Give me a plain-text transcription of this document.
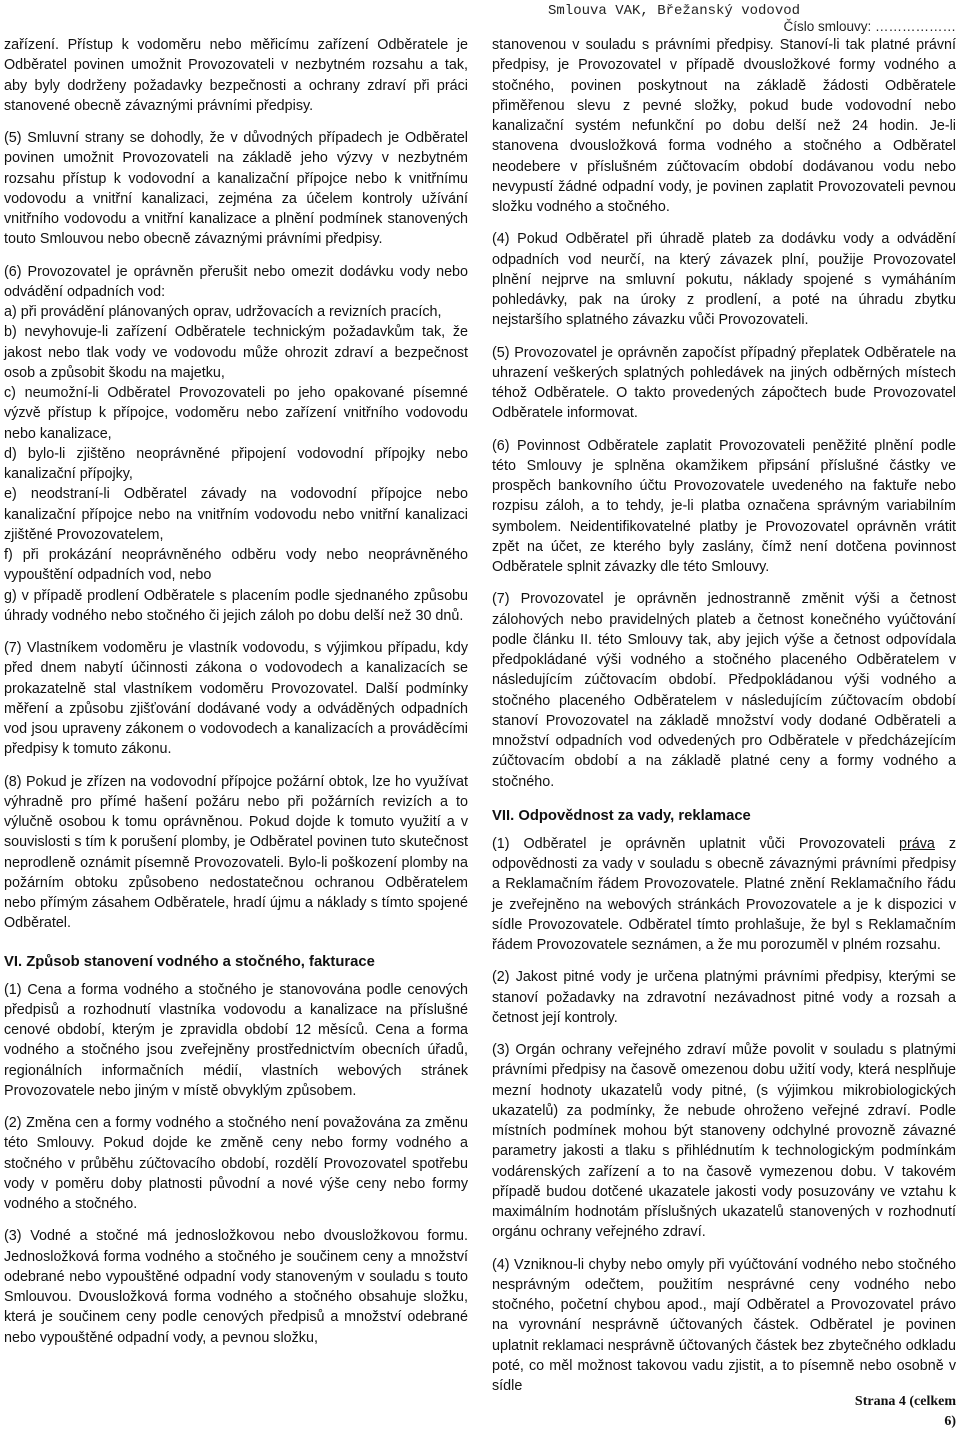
Smlouva VAK, Břežanský vodovod
Číslo smlouvy: ………………

zařízení. Přístup k vodoměru nebo měřicímu zařízení Odběratele je Odběratel povinen umožnit Provozovateli v nezbytném rozsahu a tak, aby byly dodrženy požadavky bezpečnosti a ochrany zdraví při práci stanovené obecně závaznými právními předpisy.

(5) Smluvní strany se dohodly, že v důvodných případech je Odběratel povinen umožnit Provozovateli na základě jeho výzvy v nezbytném rozsahu přístup k vodovodní a kanalizační přípojce nebo k vnitřnímu vodovodu a vnitřní kanalizaci, zejména za účelem kontroly užívání vnitřního vodovodu a vnitřní kanalizace a plnění podmínek stanovených touto Smlouvou nebo obecně závaznými právními předpisy.

(6) Provozovatel je oprávněn přerušit nebo omezit dodávku vody nebo odvádění odpadních vod:

a) při provádění plánovaných oprav, udržovacích a revizních pracích,

b) nevyhovuje-li zařízení Odběratele technickým požadavkům tak, že jakost nebo tlak vody ve vodovodu může ohrozit zdraví a bezpečnost osob a způsobit škodu na majetku,

c) neumožní-li Odběratel Provozovateli po jeho opakované písemné výzvě přístup k přípojce, vodoměru nebo zařízení vnitřního vodovodu nebo kanalizace,

d) bylo-li zjištěno neoprávněné připojení vodovodní přípojky nebo kanalizační přípojky,

e) neodstraní-li Odběratel závady na vodovodní přípojce nebo kanalizační přípojce nebo na vnitřním vodovodu nebo vnitřní kanalizaci zjištěné Provozovatelem,

f) při prokázání neoprávněného odběru vody nebo neoprávněného vypouštění odpadních vod, nebo

g) v případě prodlení Odběratele s placením podle sjednaného způsobu úhrady vodného nebo stočného či jejich záloh po dobu delší než 30 dnů.

(7) Vlastníkem vodoměru je vlastník vodovodu, s výjimkou případu, kdy před dnem nabytí účinnosti zákona o vodovodech a kanalizacích se prokazatelně stal vlastníkem vodoměru Provozovatel. Další podmínky měření a způsobu zjišťování dodávané vody a odváděných odpadních vod jsou upraveny zákonem o vodovodech a kanalizacích a prováděcími předpisy k tomuto zákonu.

(8) Pokud je zřízen na vodovodní přípojce požární obtok, lze ho využívat výhradně pro přímé hašení požáru nebo při požárních revizích a to výlučně osobou k tomu oprávněnou. Pokud dojde k tomuto využití a v souvislosti s tím k porušení plomby, je Odběratel povinen tuto skutečnost neprodleně oznámit písemně Provozovateli. Bylo-li poškození plomby na požárním obtoku způsobeno nedostatečnou ochranou Odběratelem nebo přímým zásahem Odběratele, hradí újmu a náklady s tímto spojené Odběratel.

VI. Způsob stanovení vodného a stočného, fakturace

(1) Cena a forma vodného a stočného je stanovována podle cenových předpisů a rozhodnutí vlastníka vodovodu a kanalizace na příslušné cenové období, kterým je zpravidla období 12 měsíců. Cena a forma vodného a stočného jsou zveřejněny prostřednictvím obecních úřadů, regionálních informačních médií, vlastních webových stránek Provozovatele nebo jiným v místě obvyklým způsobem.

(2) Změna cen a formy vodného a stočného není považována za změnu této Smlouvy. Pokud dojde ke změně ceny nebo formy vodného a stočného v průběhu zúčtovacího období, rozdělí Provozovatel spotřebu vody v poměru doby platnosti původní a nové výše ceny nebo formy vodného a stočného.

(3) Vodné a stočné má jednosložkovou nebo dvousložkovou formu. Jednosložková forma vodného a stočného je součinem ceny a množství odebrané nebo vypouštěné odpadní vody stanoveným v souladu s touto Smlouvou. Dvousložková forma vodného a stočného obsahuje složku, která je součinem ceny podle cenových předpisů a množství odebrané nebo vypouštěné odpadní vody, a pevnou složku,

stanovenou v souladu s právními předpisy. Stanoví-li tak platné právní předpisy, je Provozovatel v případě dvousložkové formy vodného a stočného, povinen poskytnout na základě žádosti Odběratele přiměřenou slevu z pevné složky, pokud bude vodovodní nebo kanalizační systém nefunkční po dobu delší než 24 hodin. Je-li stanovena dvousložková forma vodného a stočného a Odběratel neodebere v příslušném zúčtovacím období dodávanou vodu nebo nevypustí žádné odpadní vody, je povinen zaplatit Provozovateli pevnou složku vodného a stočného.

(4) Pokud Odběratel při úhradě plateb za dodávku vody a odvádění odpadních vod neurčí, na který závazek plní, použije Provozovatel plnění nejprve na smluvní pokutu, náklady spojené s vymáháním pohledávky, pak na úroky z prodlení, a poté na úhradu zbytku nejstaršího splatného závazku vůči Provozovateli.

(5) Provozovatel je oprávněn započíst případný přeplatek Odběratele na uhrazení veškerých splatných pohledávek na jiných odběrných místech téhož Odběratele. O takto provedených zápočtech bude Provozovatel Odběratele informovat.

(6) Povinnost Odběratele zaplatit Provozovateli peněžité plnění podle této Smlouvy je splněna okamžikem připsání příslušné částky ve prospěch bankovního účtu Provozovatele uvedeného na faktuře nebo rozpisu záloh, a to tehdy, je-li platba označena správným variabilním symbolem. Neidentifikovatelné platby je Provozovatel oprávněn vrátit zpět na účet, ze kterého byly zaslány, čímž není dotčena povinnost Odběratele splnit závazky dle této Smlouvy.

(7) Provozovatel je oprávněn jednostranně změnit výši a četnost zálohových nebo pravidelných plateb a četnost konečného vyúčtování podle článku II. této Smlouvy tak, aby jejich výše a četnost odpovídala předpokládané výši vodného a stočného placeného Odběratelem v následujícím zúčtovacím období. Předpokládanou výši vodného a stočného placeného Odběratelem v následujícím zúčtovacím období stanoví Provozovatel na základě množství vody dodané Odběrateli a množství odpadních vod odvedených pro Odběratele v předcházejícím zúčtovacím období a na základě platné ceny a formy vodného a stočného.

VII. Odpovědnost za vady, reklamace

(1) Odběratel je oprávněn uplatnit vůči Provozovateli práva z odpovědnosti za vady v souladu s obecně závaznými právními předpisy a Reklamačním řádem Provozovatele. Platné znění Reklamačního řádu je zveřejněno na webových stránkách Provozovatele a je k dispozici v sídle Provozovatele. Odběratel tímto prohlašuje, že byl s Reklamačním řádem Provozovatele seznámen, a že mu porozuměl v plném rozsahu.

(2) Jakost pitné vody je určena platnými právními předpisy, kterými se stanoví požadavky na zdravotní nezávadnost pitné vody a rozsah a četnost její kontroly.

(3) Orgán ochrany veřejného zdraví může povolit v souladu s platnými právními předpisy na časově omezenou dobu užití vody, která nesplňuje mezní hodnoty ukazatelů vody pitné, (s výjimkou mikrobiologických ukazatelů) za podmínky, že nebude ohroženo veřejné zdraví. Podle místních podmínek mohou být stanoveny odchylné provozně závazné parametry jakosti a tlaku s přihlédnutím k technologickým podmínkám vodárenských zařízení a to na časově vymezenou dobu. V takovém případě budou dotčené ukazatele jakosti vody posuzovány ve vztahu k maximálním hodnotám příslušných ukazatelů stanovených v rozhodnutí orgánu ochrany veřejného zdraví.

(4) Vzniknou-li chyby nebo omyly při vyúčtování vodného nebo stočného nesprávným odečtem, použitím nesprávné ceny vodného nebo stočného, početní chybou apod., mají Odběratel a Provozovatel právo na vyrovnání nesprávně účtovaných částek. Odběratel je povinen uplatnit reklamaci nesprávně účtovaných částek bez zbytečného odkladu poté, co měl možnost takovou vadu zjistit, a to písemně nebo osobně v sídle

Strana 4 (celkem
6)
